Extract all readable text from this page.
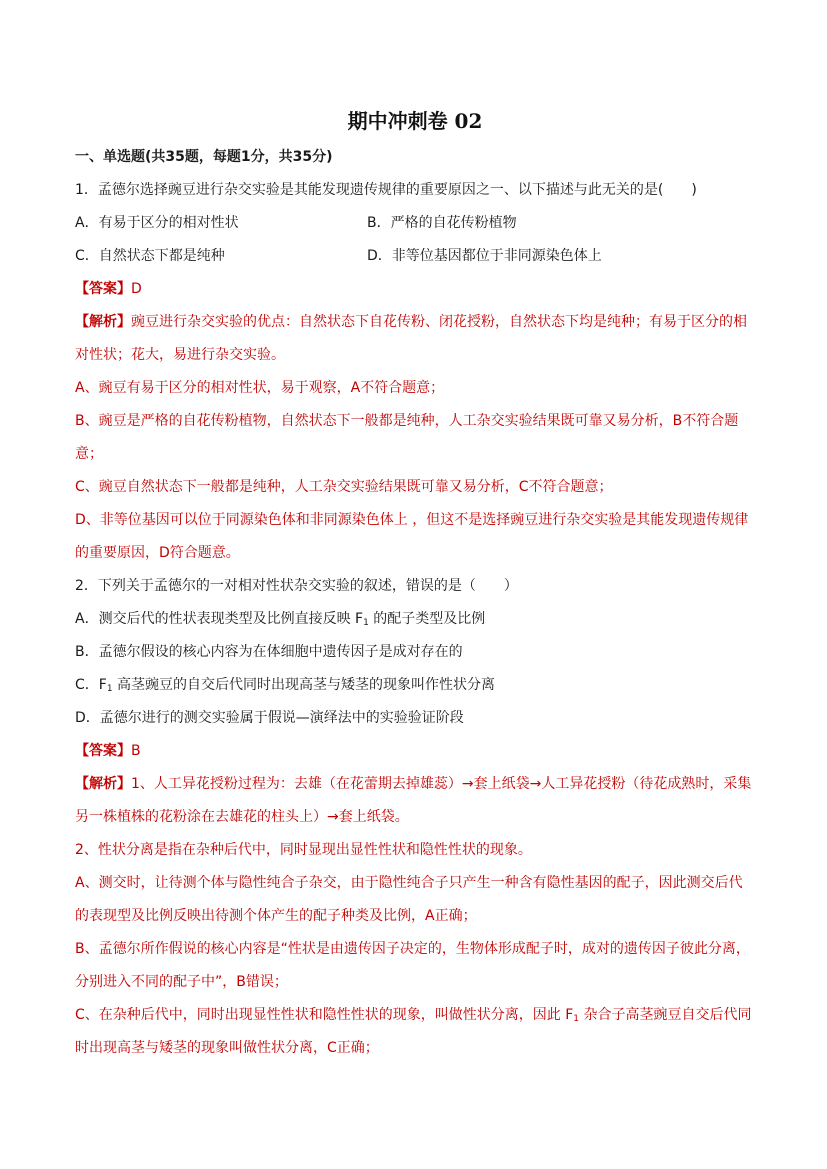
期中冲刺卷 02
一、单选题(共35题，每题1分，共35分)
1．孟德尔选择豌豆进行杂交实验是其能发现遗传规律的重要原因之一、以下描述与此无关的是(　　)
A．有易于区分的相对性状	B．严格的自花传粉植物
C．自然状态下都是纯种	D．非等位基因都位于非同源染色体上
【答案】D
【解析】豌豆进行杂交实验的优点：自然状态下自花传粉、闭花授粉，自然状态下均是纯种；有易于区分的相对性状；花大，易进行杂交实验。
A、豌豆有易于区分的相对性状，易于观察，A不符合题意；
B、豌豆是严格的自花传粉植物，自然状态下一般都是纯种，人工杂交实验结果既可靠又易分析，B不符合题意；
C、豌豆自然状态下一般都是纯种，人工杂交实验结果既可靠又易分析，C不符合题意；
D、非等位基因可以位于同源染色体和非同源染色体上 ，但这不是选择豌豆进行杂交实验是其能发现遗传规律的重要原因，D符合题意。
2．下列关于孟德尔的一对相对性状杂交实验的叙述，错误的是（　　）
A．测交后代的性状表现类型及比例直接反映 $F_1$ 的配子类型及比例
B．孟德尔假设的核心内容为在体细胞中遗传因子是成对存在的
C．$F_1$ 高茎豌豆的自交后代同时出现高茎与矮茎的现象叫作性状分离
D．孟德尔进行的测交实验属于假说—演绎法中的实验验证阶段
【答案】B
【解析】1、人工异花授粉过程为：去雄（在花蕾期去掉雄蕊）→套上纸袋→人工异花授粉（待花成熟时，采集另一株植株的花粉涂在去雄花的柱头上）→套上纸袋。
2、性状分离是指在杂种后代中，同时显现出显性性状和隐性性状的现象。
A、测交时，让待测个体与隐性纯合子杂交，由于隐性纯合子只产生一种含有隐性基因的配子，因此测交后代的表现型及比例反映出待测个体产生的配子种类及比例，A正确；
B、孟德尔所作假说的核心内容是“性状是由遗传因子决定的，生物体形成配子时，成对的遗传因子彼此分离，分别进入不同的配子中”，B错误；
C、在杂种后代中，同时出现显性性状和隐性性状的现象，叫做性状分离，因此 $F_1$ 杂合子高茎豌豆自交后代同时出现高茎与矮茎的现象叫做性状分离，C正确；
